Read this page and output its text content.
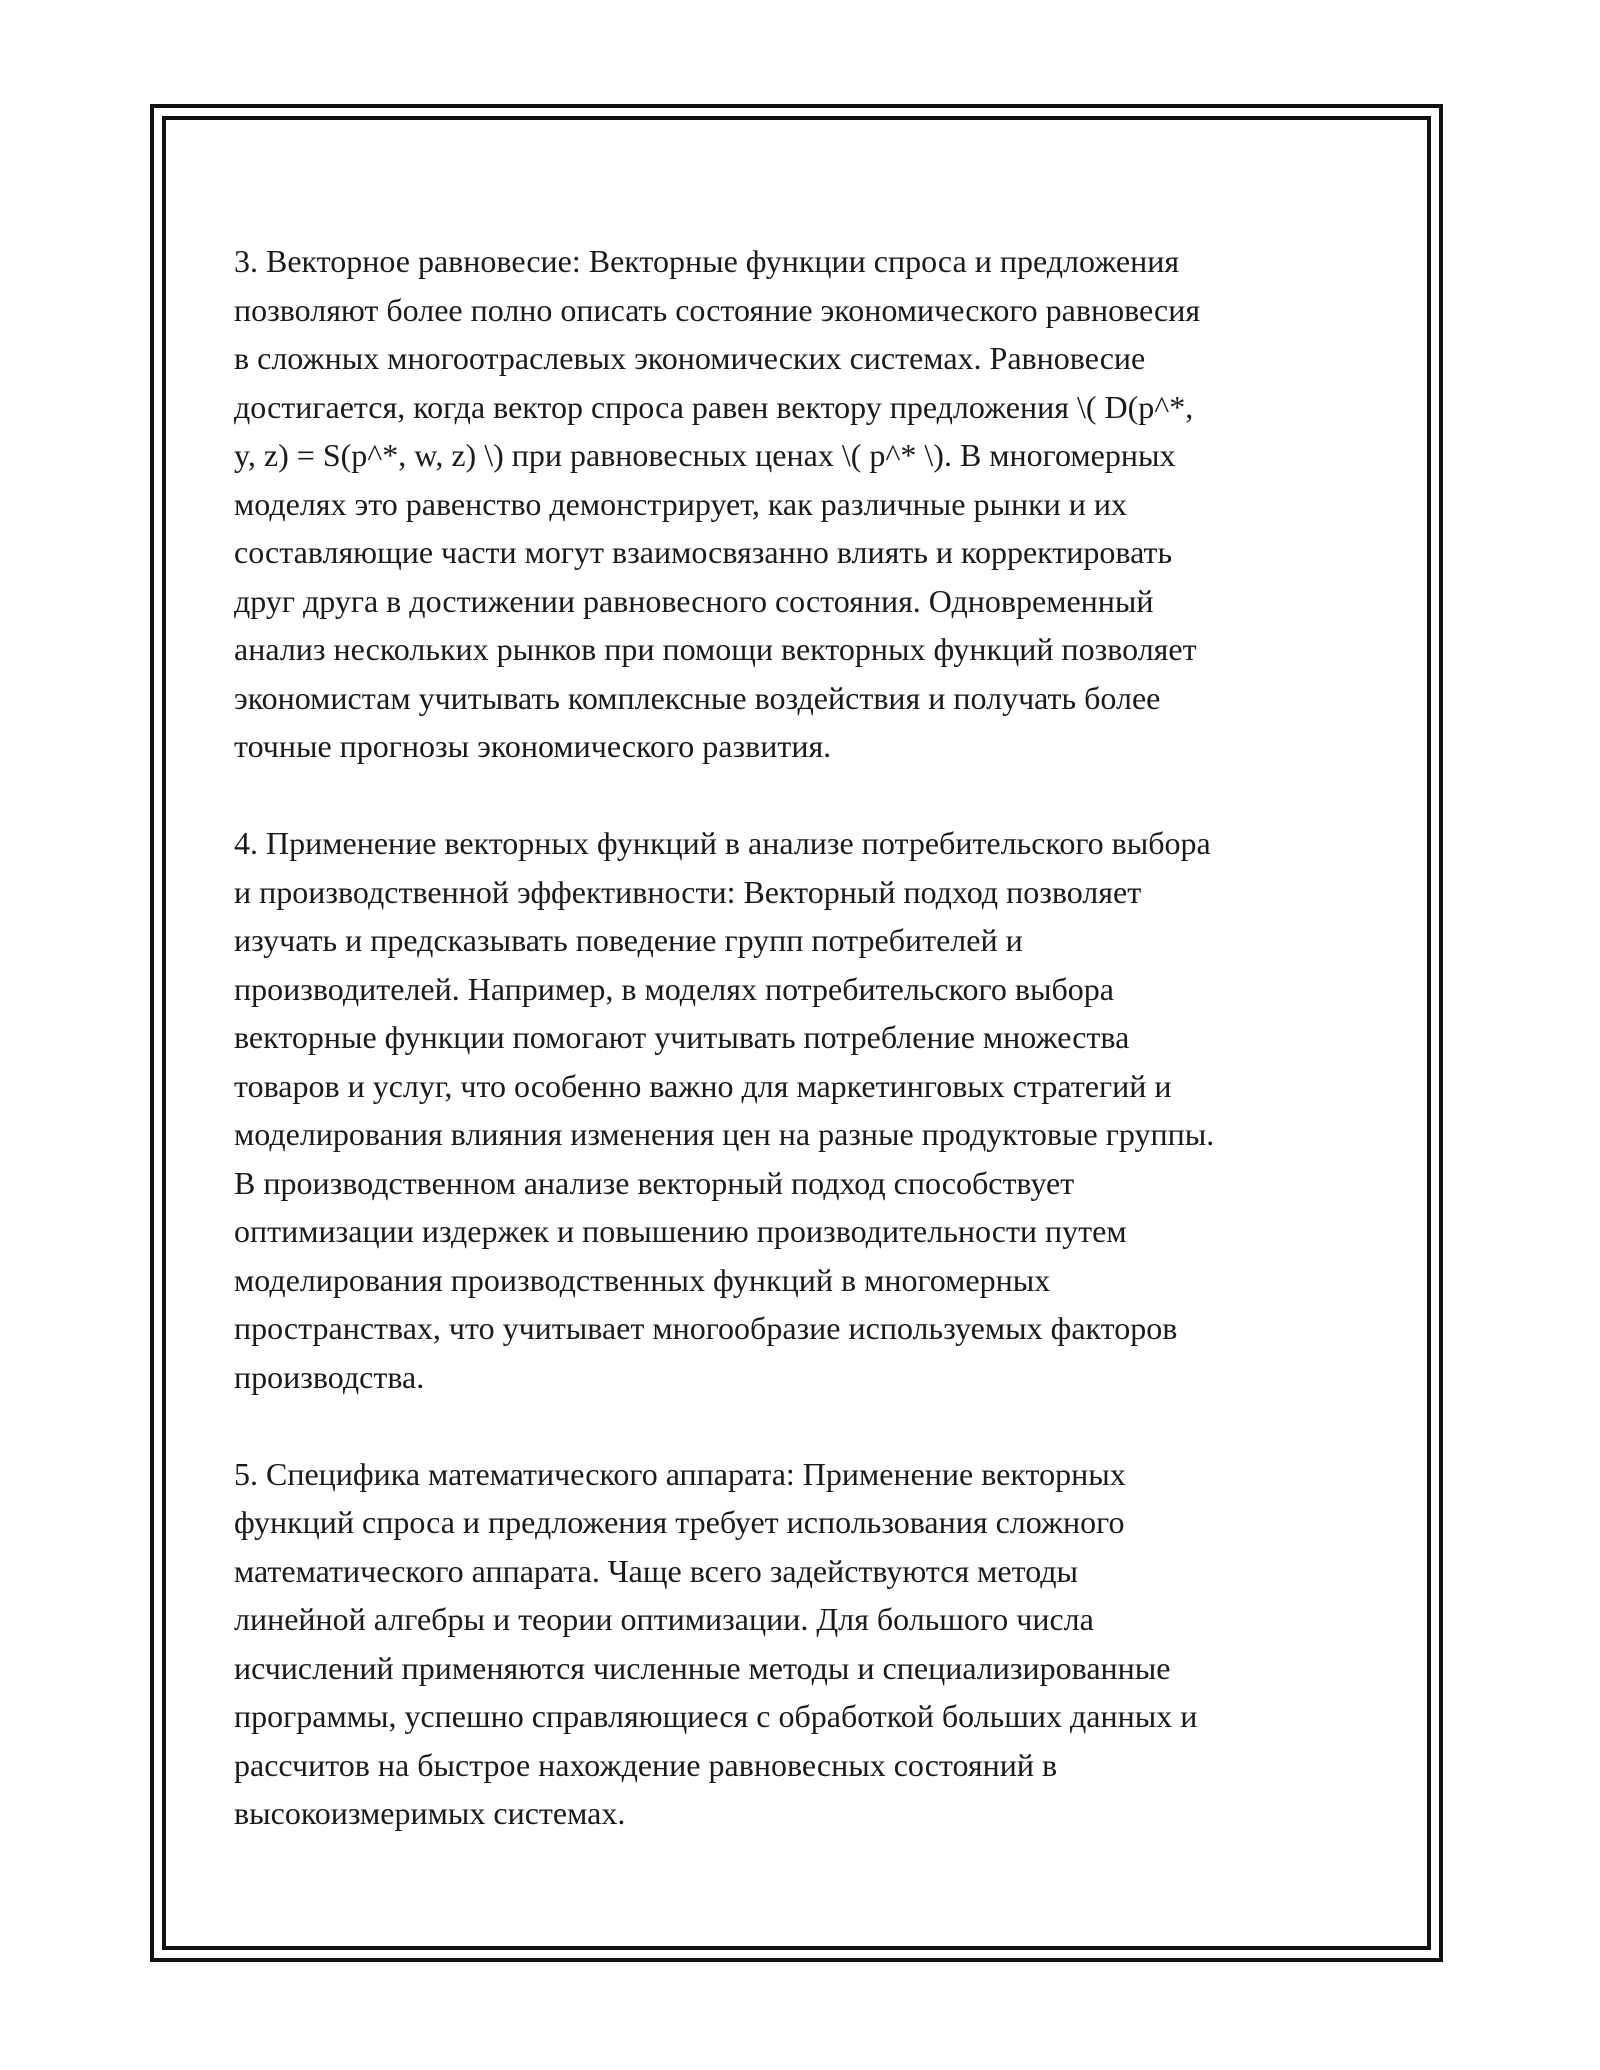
3. Векторное равновесие: Векторные функции спроса и предложения
позволяют более полно описать состояние экономического равновесия
в сложных многоотраслевых экономических системах. Равновесие
достигается, когда вектор спроса равен вектору предложения \( D(p^*,
y, z) = S(p^*, w, z) \) при равновесных ценах \( p^* \). В многомерных
моделях это равенство демонстрирует, как различные рынки и их
составляющие части могут взаимосвязанно влиять и корректировать
друг друга в достижении равновесного состояния. Одновременный
анализ нескольких рынков при помощи векторных функций позволяет
экономистам учитывать комплексные воздействия и получать более
точные прогнозы экономического развития.

4. Применение векторных функций в анализе потребительского выбора
и производственной эффективности: Векторный подход позволяет
изучать и предсказывать поведение групп потребителей и
производителей. Например, в моделях потребительского выбора
векторные функции помогают учитывать потребление множества
товаров и услуг, что особенно важно для маркетинговых стратегий и
моделирования влияния изменения цен на разные продуктовые группы.
В производственном анализе векторный подход способствует
оптимизации издержек и повышению производительности путем
моделирования производственных функций в многомерных
пространствах, что учитывает многообразие используемых факторов
производства.

5. Специфика математического аппарата: Применение векторных
функций спроса и предложения требует использования сложного
математического аппарата. Чаще всего задействуются методы
линейной алгебры и теории оптимизации. Для большого числа
исчислений применяются численные методы и специализированные
программы, успешно справляющиеся с обработкой больших данных и
рассчитов на быстрое нахождение равновесных состояний в
высокоизмеримых системах.
